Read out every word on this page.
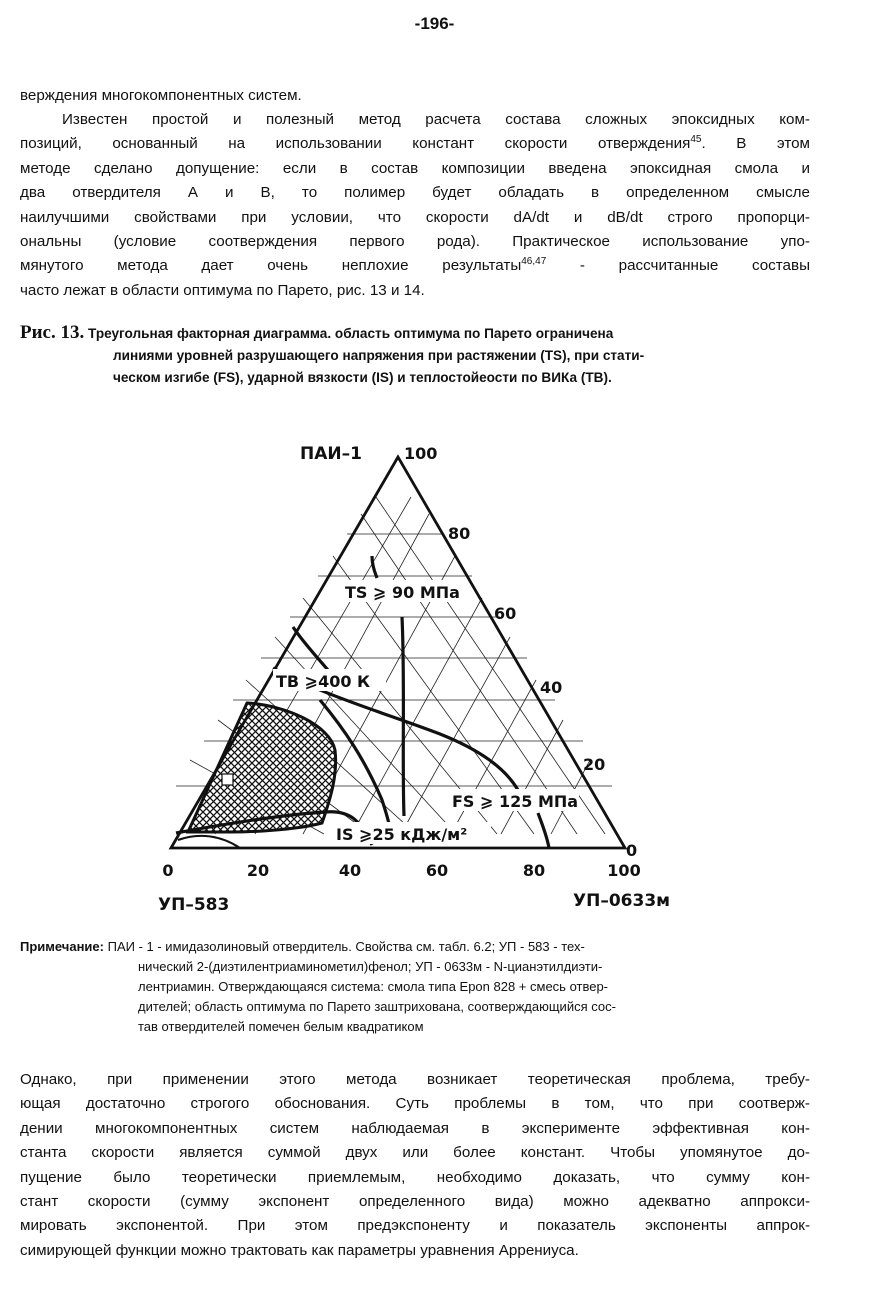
-196-

верждения многокомпонентных систем.

Известен простой и полезный метод расчета состава сложных эпоксидных ком-
позиций, основанный на использовании констант скорости отверждения$^{45}$. В этом
методе сделано допущение: если в состав композиции введена эпоксидная смола и
два отвердителя А и В, то полимер будет обладать в определенном смысле
наилучшими свойствами при условии, что скорости dA/dt и dB/dt строго пропорци-
ональны (условие соотверждения первого рода). Практическое использование упо-
мянутого метода дает очень неплохие результаты$^{46,47}$ - рассчитанные составы
часто лежат в области оптимума по Парето, рис. 13 и 14.

Рис. 13. Треугольная факторная диаграмма. область оптимума по Парето ограничена
линиями уровней разрушающего напряжения при растяжении (TS), при стати-
ческом изгибе (FS), ударной вязкости (IS) и теплостойеости по ВИКа (ТВ).
TS ⩾ 90 МПа
ТВ ⩾400 К
FS ⩾ 125 МПа
IS ⩾25 кДж/м²
100
80
60
40
20
0
0	20	40	60	80	100
ПАИ–1
УП–583	УП–0633м
Примечание: ПАИ - 1 - имидазолиновый отвердитель. Свойства см. табл. 6.2; УП - 583 - тех-
нический 2-(диэтилентриаминометил)фенол; УП - 0633м - N-цианэтилдиэти-
лентриамин. Отверждающаяся система: смола типа Epon 828 + смесь отвер-
дителей; область оптимума по Парето заштрихована, соотверждающийся сос-
тав отвердителей помечен белым квадратиком

Однако, при применении этого метода возникает теоретическая проблема, требу-
ющая достаточно строгого обоснования. Суть проблемы в том, что при соотверж-
дении многокомпонентных систем наблюдаемая в эксперименте эффективная кон-
станта скорости является суммой двух или более констант. Чтобы упомянутое до-
пущение было теоретически приемлемым, необходимо доказать, что сумму кон-
стант скорости (сумму экспонент определенного вида) можно адекватно аппрокси-
мировать экспонентой. При этом предэкспоненту и показатель экспоненты аппрок-
симирующей функции можно трактовать как параметры уравнения Аррениуса.
